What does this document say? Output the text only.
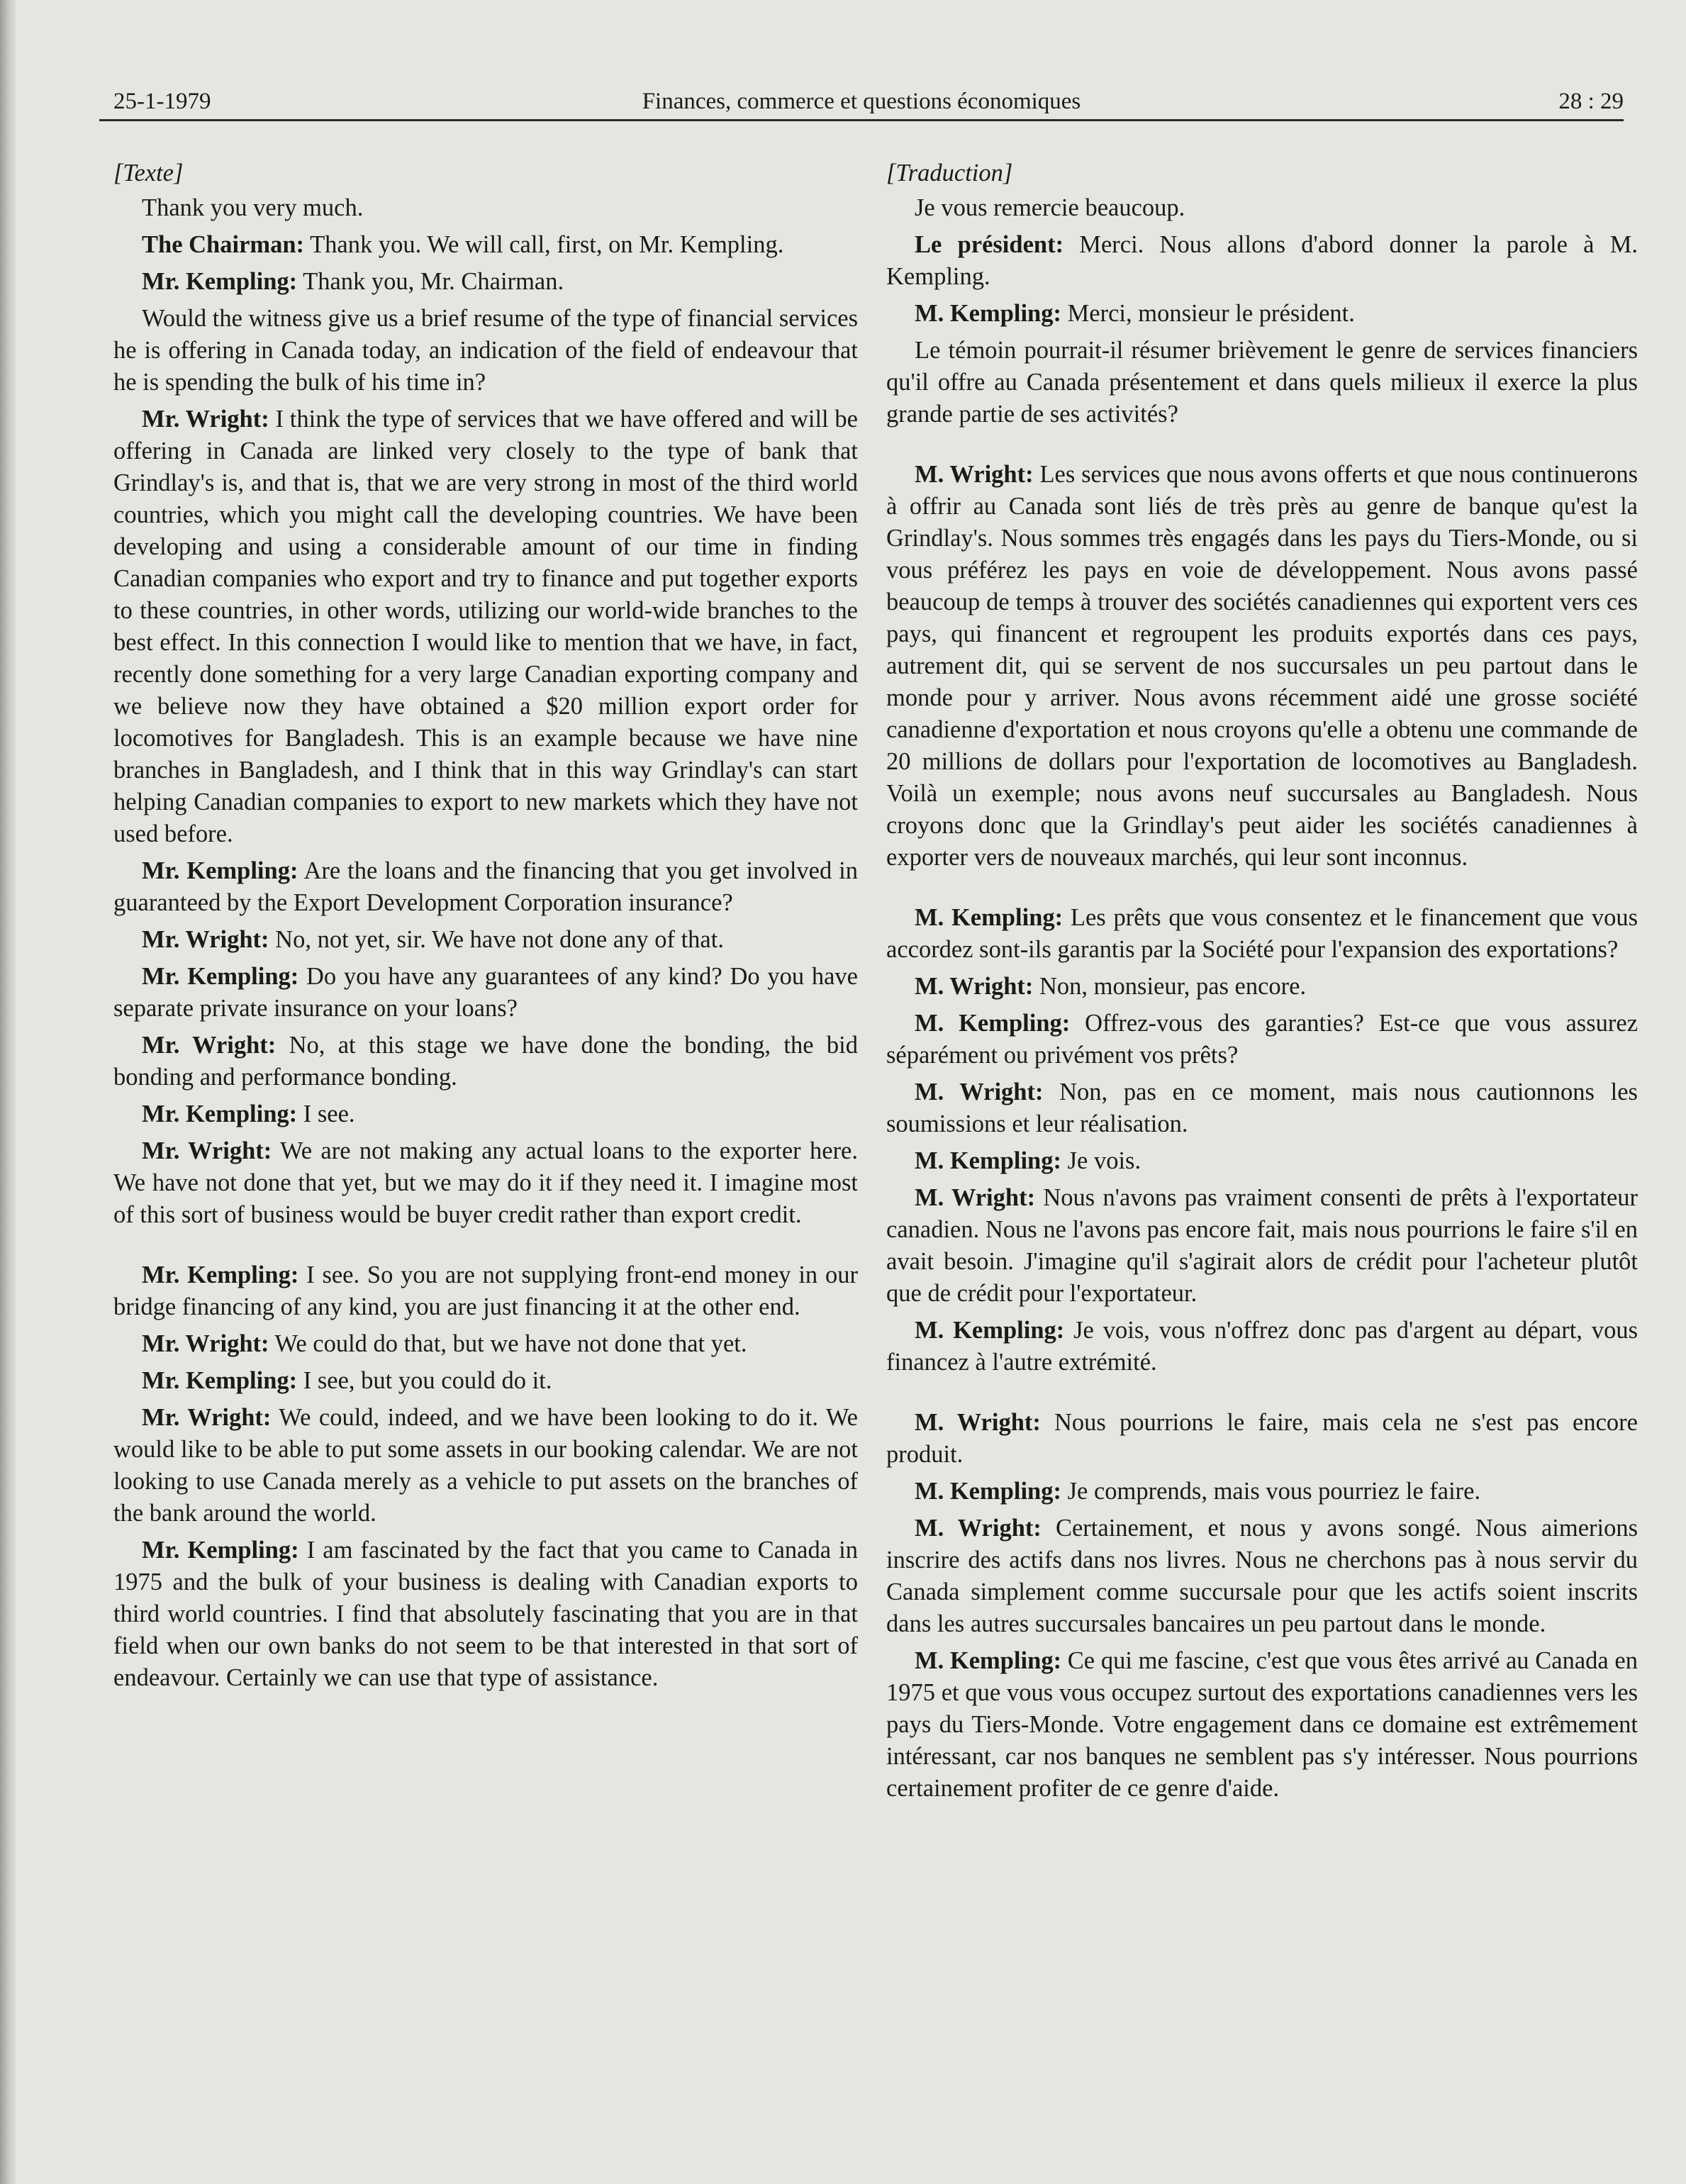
25-1-1979	Finances, commerce et questions économiques	28 : 29

[Texte]

Thank you very much.

The Chairman: Thank you. We will call, first, on Mr. Kempling.

Mr. Kempling: Thank you, Mr. Chairman.

Would the witness give us a brief resume of the type of financial services he is offering in Canada today, an indication of the field of endeavour that he is spending the bulk of his time in?

Mr. Wright: I think the type of services that we have offered and will be offering in Canada are linked very closely to the type of bank that Grindlay's is, and that is, that we are very strong in most of the third world countries, which you might call the developing countries. We have been developing and using a considerable amount of our time in finding Canadian companies who export and try to finance and put together exports to these countries, in other words, utilizing our world-wide branches to the best effect. In this connection I would like to mention that we have, in fact, recently done something for a very large Canadian exporting company and we believe now they have obtained a $20 million export order for locomotives for Bangladesh. This is an example because we have nine branches in Bangladesh, and I think that in this way Grindlay's can start helping Canadian companies to export to new markets which they have not used before.

Mr. Kempling: Are the loans and the financing that you get involved in guaranteed by the Export Development Corporation insurance?

Mr. Wright: No, not yet, sir. We have not done any of that.

Mr. Kempling: Do you have any guarantees of any kind? Do you have separate private insurance on your loans?

Mr. Wright: No, at this stage we have done the bonding, the bid bonding and performance bonding.

Mr. Kempling: I see.

Mr. Wright: We are not making any actual loans to the exporter here. We have not done that yet, but we may do it if they need it. I imagine most of this sort of business would be buyer credit rather than export credit.

Mr. Kempling: I see. So you are not supplying front-end money in our bridge financing of any kind, you are just financing it at the other end.

Mr. Wright: We could do that, but we have not done that yet.

Mr. Kempling: I see, but you could do it.

Mr. Wright: We could, indeed, and we have been looking to do it. We would like to be able to put some assets in our booking calendar. We are not looking to use Canada merely as a vehicle to put assets on the branches of the bank around the world.

Mr. Kempling: I am fascinated by the fact that you came to Canada in 1975 and the bulk of your business is dealing with Canadian exports to third world countries. I find that absolutely fascinating that you are in that field when our own banks do not seem to be that interested in that sort of endeavour. Certainly we can use that type of assistance.

[Traduction]

Je vous remercie beaucoup.

Le président: Merci. Nous allons d'abord donner la parole à M. Kempling.

M. Kempling: Merci, monsieur le président.

Le témoin pourrait-il résumer brièvement le genre de services financiers qu'il offre au Canada présentement et dans quels milieux il exerce la plus grande partie de ses activités?

M. Wright: Les services que nous avons offerts et que nous continuerons à offrir au Canada sont liés de très près au genre de banque qu'est la Grindlay's. Nous sommes très engagés dans les pays du Tiers-Monde, ou si vous préférez les pays en voie de développement. Nous avons passé beaucoup de temps à trouver des sociétés canadiennes qui exportent vers ces pays, qui financent et regroupent les produits exportés dans ces pays, autrement dit, qui se servent de nos succursales un peu partout dans le monde pour y arriver. Nous avons récemment aidé une grosse société canadienne d'exportation et nous croyons qu'elle a obtenu une commande de 20 millions de dollars pour l'exportation de locomotives au Bangladesh. Voilà un exemple; nous avons neuf succursales au Bangladesh. Nous croyons donc que la Grindlay's peut aider les sociétés canadiennes à exporter vers de nouveaux marchés, qui leur sont inconnus.

M. Kempling: Les prêts que vous consentez et le financement que vous accordez sont-ils garantis par la Société pour l'expansion des exportations?

M. Wright: Non, monsieur, pas encore.

M. Kempling: Offrez-vous des garanties? Est-ce que vous assurez séparément ou privément vos prêts?

M. Wright: Non, pas en ce moment, mais nous cautionnons les soumissions et leur réalisation.

M. Kempling: Je vois.

M. Wright: Nous n'avons pas vraiment consenti de prêts à l'exportateur canadien. Nous ne l'avons pas encore fait, mais nous pourrions le faire s'il en avait besoin. J'imagine qu'il s'agirait alors de crédit pour l'acheteur plutôt que de crédit pour l'exportateur.

M. Kempling: Je vois, vous n'offrez donc pas d'argent au départ, vous financez à l'autre extrémité.

M. Wright: Nous pourrions le faire, mais cela ne s'est pas encore produit.

M. Kempling: Je comprends, mais vous pourriez le faire.

M. Wright: Certainement, et nous y avons songé. Nous aimerions inscrire des actifs dans nos livres. Nous ne cherchons pas à nous servir du Canada simplement comme succursale pour que les actifs soient inscrits dans les autres succursales bancaires un peu partout dans le monde.

M. Kempling: Ce qui me fascine, c'est que vous êtes arrivé au Canada en 1975 et que vous vous occupez surtout des exportations canadiennes vers les pays du Tiers-Monde. Votre engagement dans ce domaine est extrêmement intéressant, car nos banques ne semblent pas s'y intéresser. Nous pourrions certainement profiter de ce genre d'aide.
